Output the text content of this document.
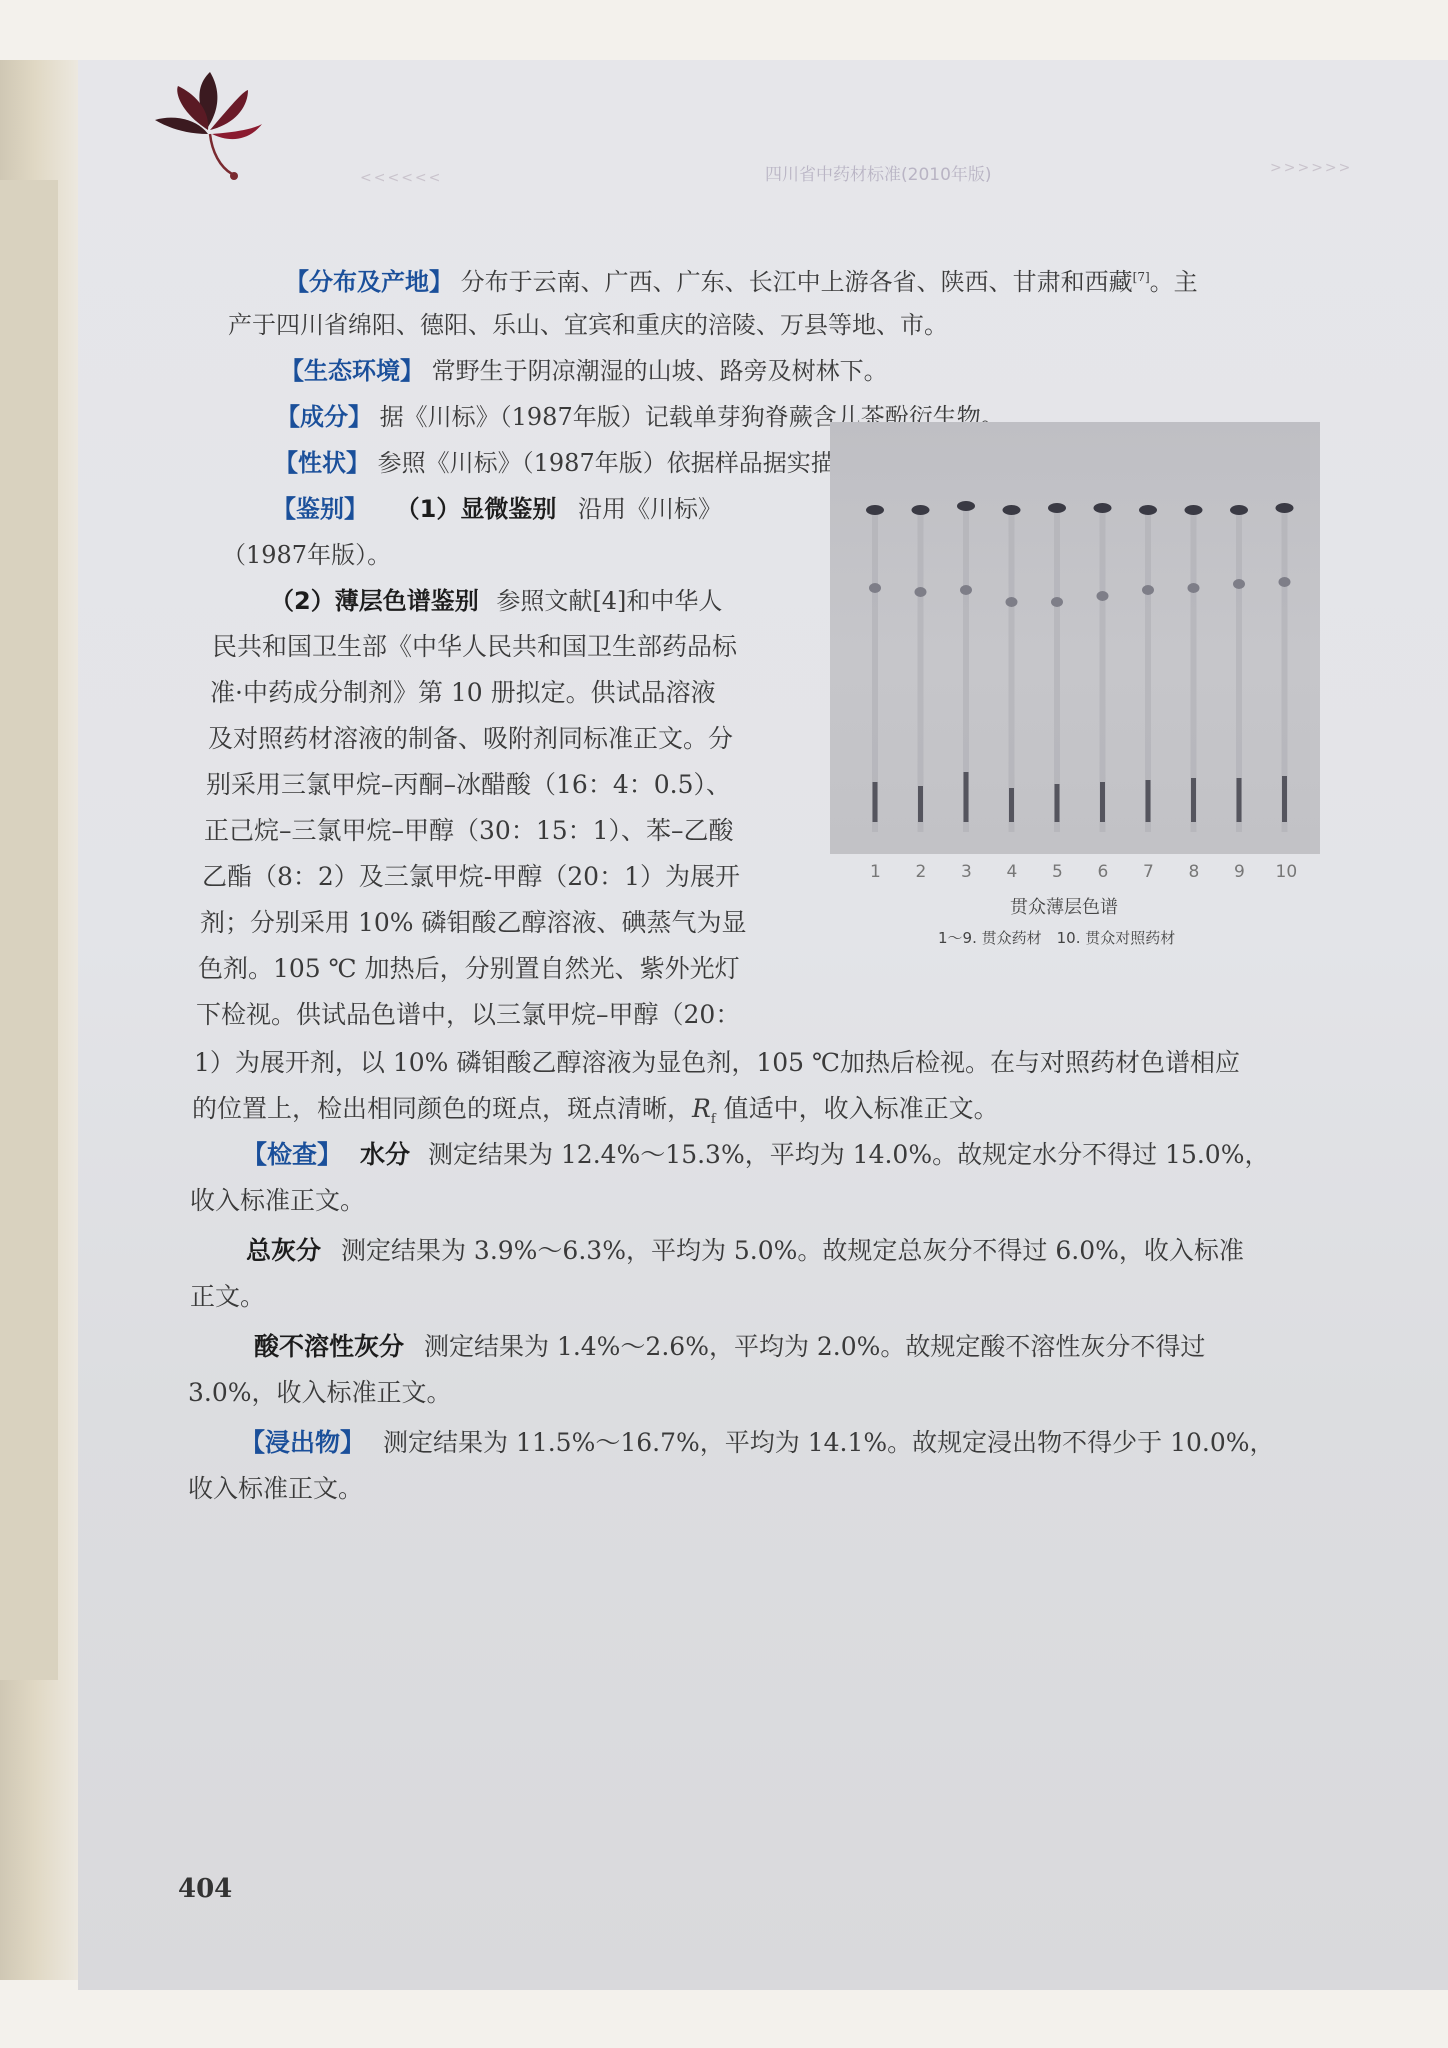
<<<<<<	四川省中药材标准(2010年版)	>>>>>>
【分布及产地】 分布于云南、广西、广东、长江中上游各省、陕西、甘肃和西藏[7]。主
产于四川省绵阳、德阳、乐山、宜宾和重庆的涪陵、万县等地、市。
【生态环境】 常野生于阴凉潮湿的山坡、路旁及树林下。
【成分】 据《川标》（1987年版）记载单芽狗脊蕨含儿茶酚衍生物。
【性状】 参照《川标》（1987年版）依据样品据实描述。
【鉴别】 （1）显微鉴别 沿用《川标》
（1987年版）。
（2）薄层色谱鉴别 参照文献[4]和中华人
民共和国卫生部《中华人民共和国卫生部药品标
准·中药成分制剂》第 10 册拟定。供试品溶液
及对照药材溶液的制备、吸附剂同标准正文。分
别采用三氯甲烷–丙酮–冰醋酸（16：4：0.5）、
正己烷–三氯甲烷–甲醇（30：15：1）、苯–乙酸
乙酯（8：2）及三氯甲烷-甲醇（20：1）为展开
剂；分别采用 10% 磷钼酸乙醇溶液、碘蒸气为显
色剂。105 ℃ 加热后，分别置自然光、紫外光灯
下检视。供试品色谱中，以三氯甲烷–甲醇（20：
1）为展开剂，以 10% 磷钼酸乙醇溶液为显色剂，105 ℃加热后检视。在与对照药材色谱相应
的位置上，检出相同颜色的斑点，斑点清晰，$R_f$ 值适中，收入标准正文。
1 2 3 4 5 6 7 8 9 10
贯众薄层色谱
1～9. 贯众药材　10. 贯众对照药材
【检查】 水分 测定结果为 12.4%～15.3%，平均为 14.0%。故规定水分不得过 15.0%，
收入标准正文。
总灰分 测定结果为 3.9%～6.3%，平均为 5.0%。故规定总灰分不得过 6.0%，收入标准
正文。
酸不溶性灰分 测定结果为 1.4%～2.6%，平均为 2.0%。故规定酸不溶性灰分不得过
3.0%，收入标准正文。
【浸出物】 测定结果为 11.5%～16.7%，平均为 14.1%。故规定浸出物不得少于 10.0%，
收入标准正文。
404
